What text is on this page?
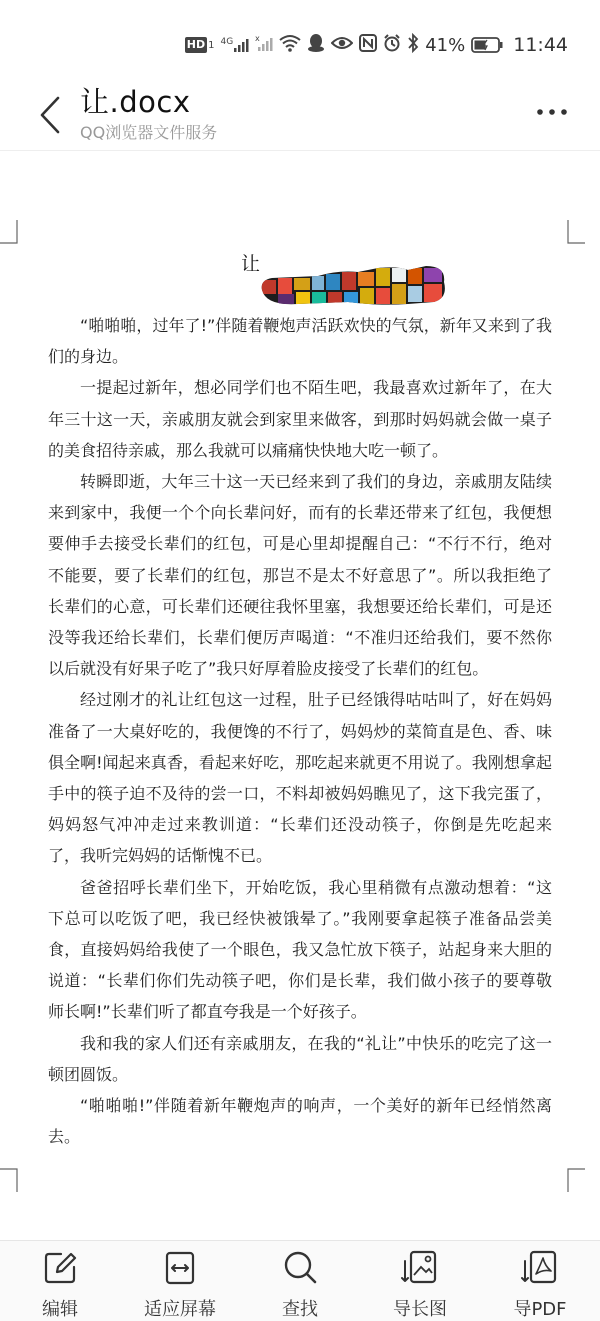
HD 1 4G	x	41%	11:44
让.docx
QQ浏览器文件服务
让

“啪啪啪，过年了!”伴随着鞭炮声活跃欢快的气氛，新年又来到了我们的身边。

一提起过新年，想必同学们也不陌生吧，我最喜欢过新年了，在大年三十这一天，亲戚朋友就会到家里来做客，到那时妈妈就会做一桌子的美食招待亲戚，那么我就可以痛痛快快地大吃一顿了。

转瞬即逝，大年三十这一天已经来到了我们的身边，亲戚朋友陆续来到家中，我便一个个向长辈问好，而有的长辈还带来了红包，我便想要伸手去接受长辈们的红包，可是心里却提醒自己：“不行不行，绝对不能要，要了长辈们的红包，那岂不是太不好意思了”。所以我拒绝了长辈们的心意，可长辈们还硬往我怀里塞，我想要还给长辈们，可是还没等我还给长辈们，长辈们便厉声喝道：“不准归还给我们，要不然你以后就没有好果子吃了”我只好厚着脸皮接受了长辈们的红包。

经过刚才的礼让红包这一过程，肚子已经饿得咕咕叫了，好在妈妈准备了一大桌好吃的，我便馋的不行了，妈妈炒的菜简直是色、香、味俱全啊!闻起来真香，看起来好吃，那吃起来就更不用说了。我刚想拿起手中的筷子迫不及待的尝一口，不料却被妈妈瞧见了，这下我完蛋了，妈妈怒气冲冲走过来教训道：“长辈们还没动筷子，你倒是先吃起来了，我听完妈妈的话惭愧不已。

爸爸招呼长辈们坐下，开始吃饭，我心里稍微有点激动想着：“这下总可以吃饭了吧，我已经快被饿晕了。”我刚要拿起筷子准备品尝美食，直接妈妈给我使了一个眼色，我又急忙放下筷子，站起身来大胆的说道：“长辈们你们先动筷子吧，你们是长辈，我们做小孩子的要尊敬师长啊!”长辈们听了都直夸我是一个好孩子。

我和我的家人们还有亲戚朋友，在我的“礼让”中快乐的吃完了这一顿团圆饭。

“啪啪啪!”伴随着新年鞭炮声的响声，一个美好的新年已经悄然离去。

编辑	适应屏幕	查找	导长图	导PDF
